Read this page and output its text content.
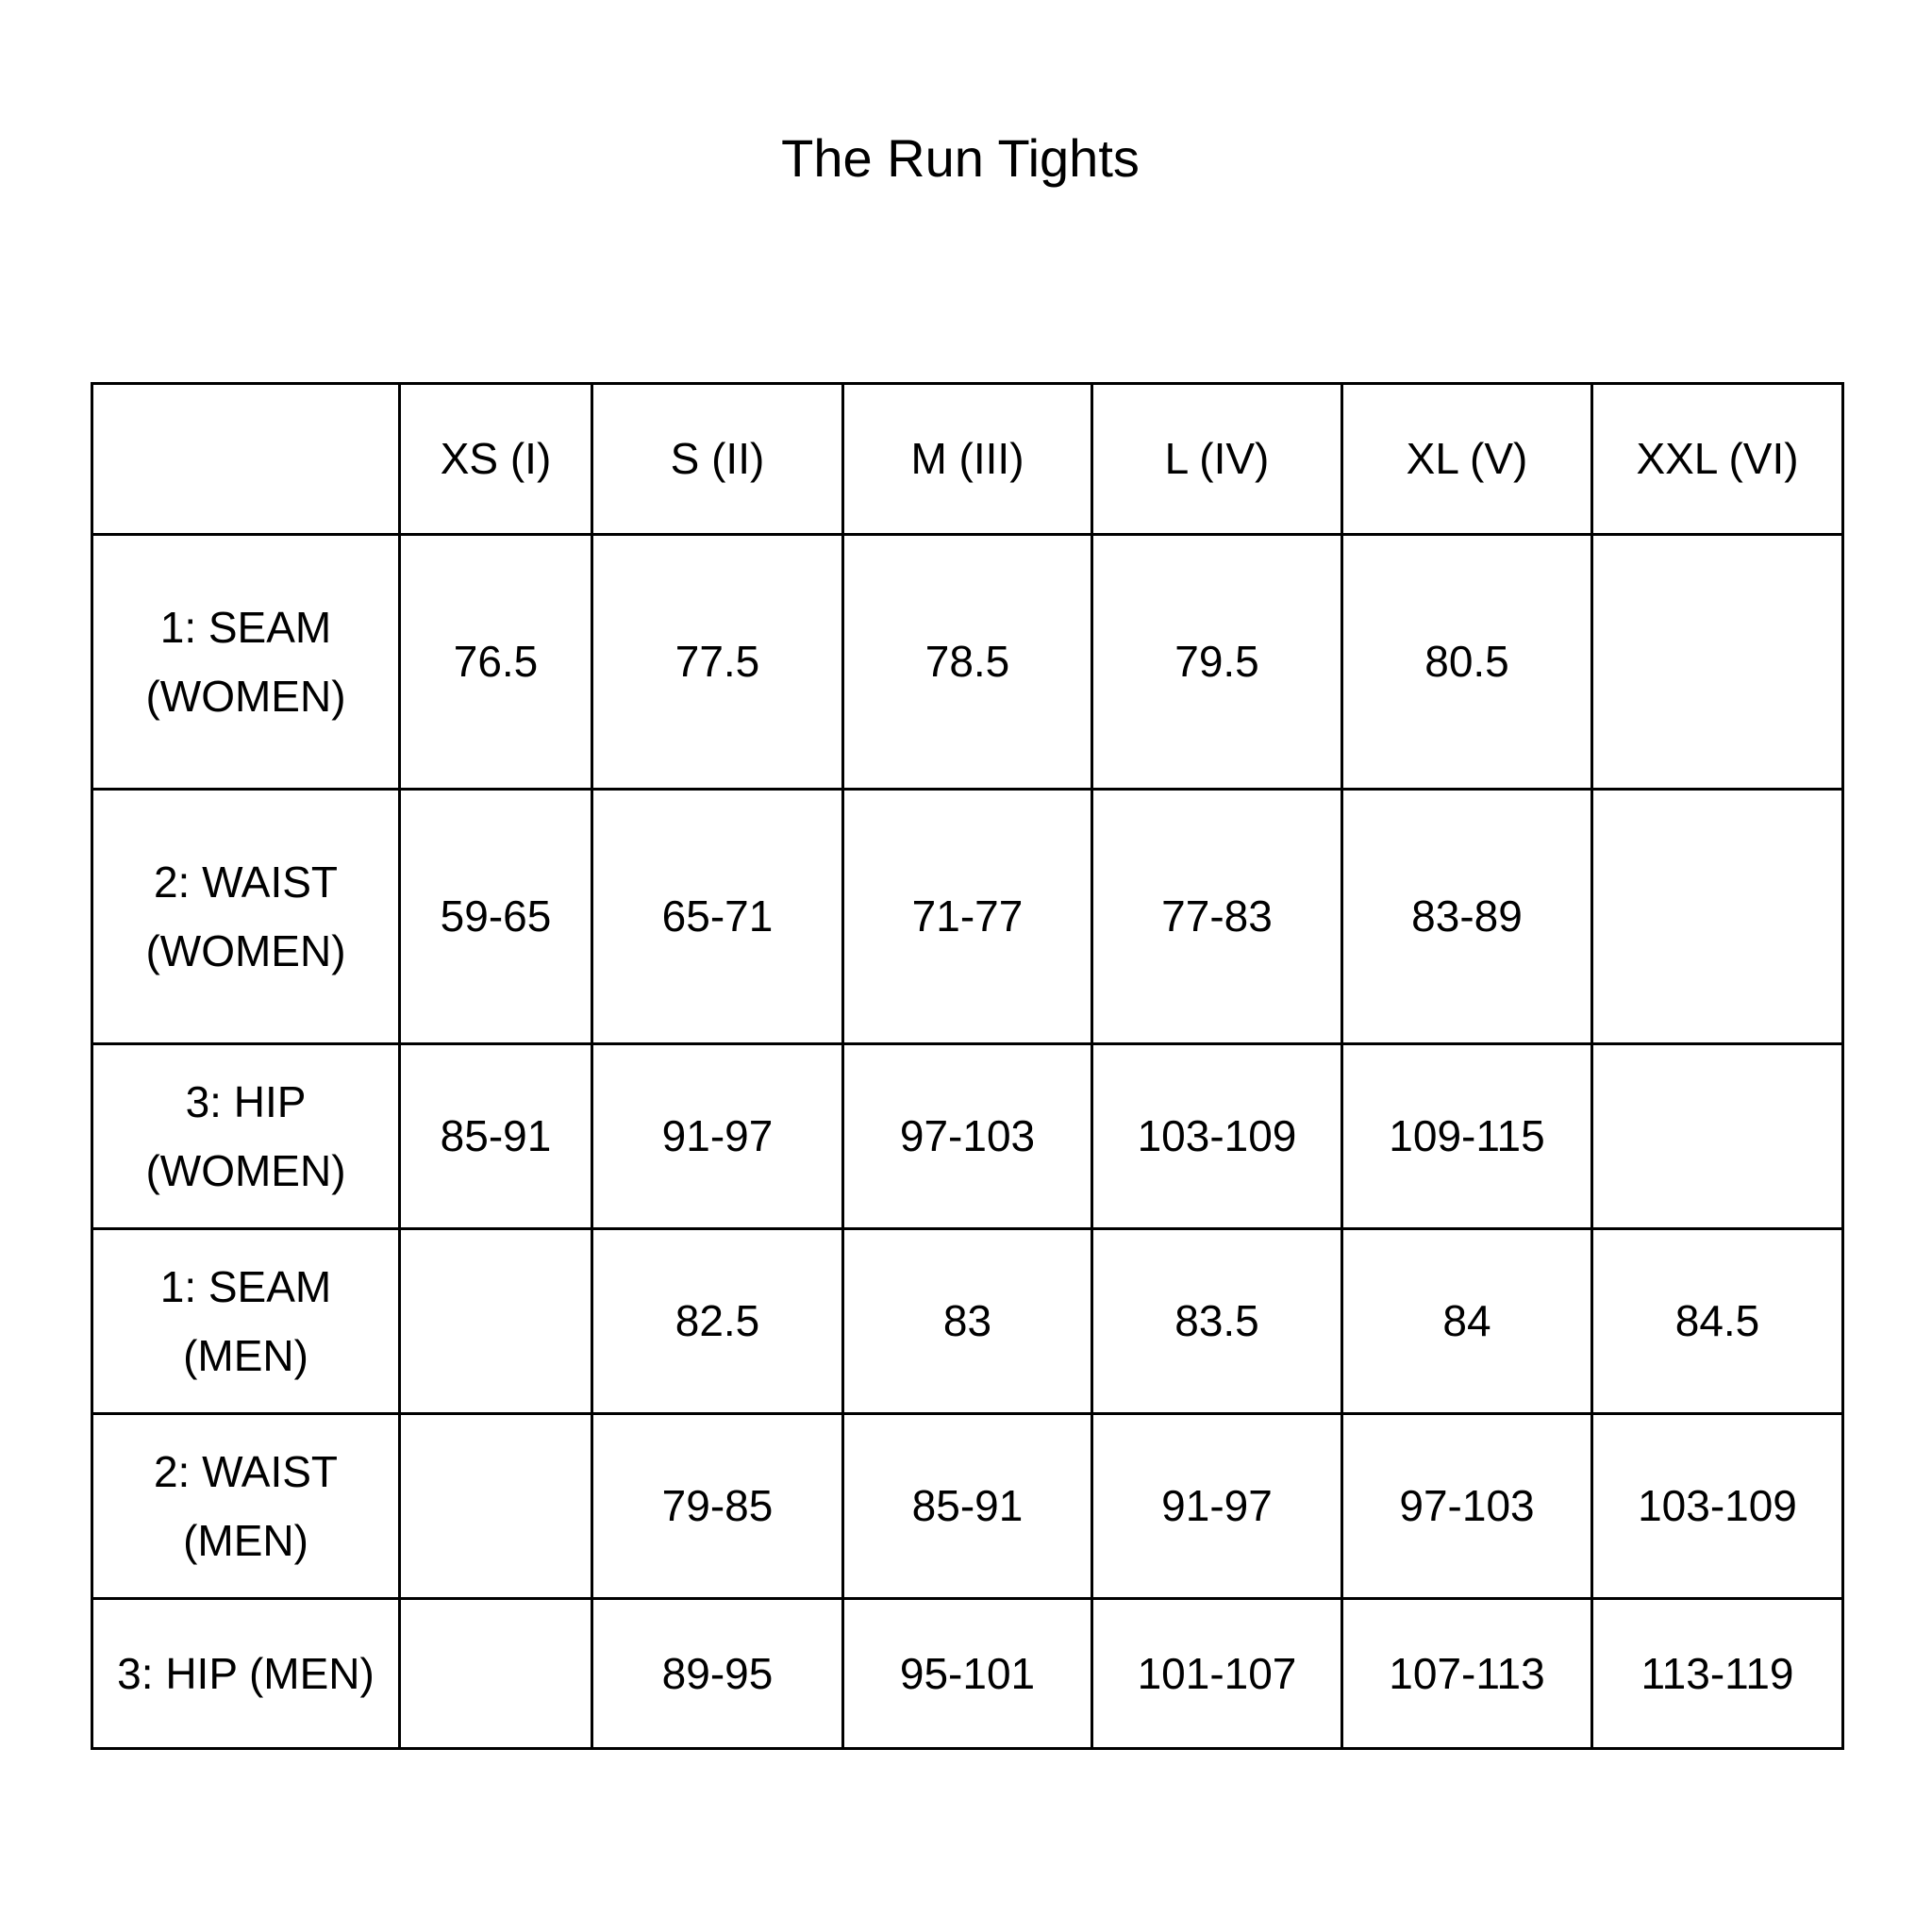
The Run Tights
	XS (I)	S (II)	M (III)	L (IV)	XL (V)	XXL (VI)
1: SEAM
(WOMEN)	76.5	77.5	78.5	79.5	80.5	
2: WAIST
(WOMEN)	59-65	65-71	71-77	77-83	83-89	
3: HIP
(WOMEN)	85-91	91-97	97-103	103-109	109-115	
1: SEAM
(MEN)		82.5	83	83.5	84	84.5
2: WAIST
(MEN)		79-85	85-91	91-97	97-103	103-109
3: HIP (MEN)		89-95	95-101	101-107	107-113	113-119
